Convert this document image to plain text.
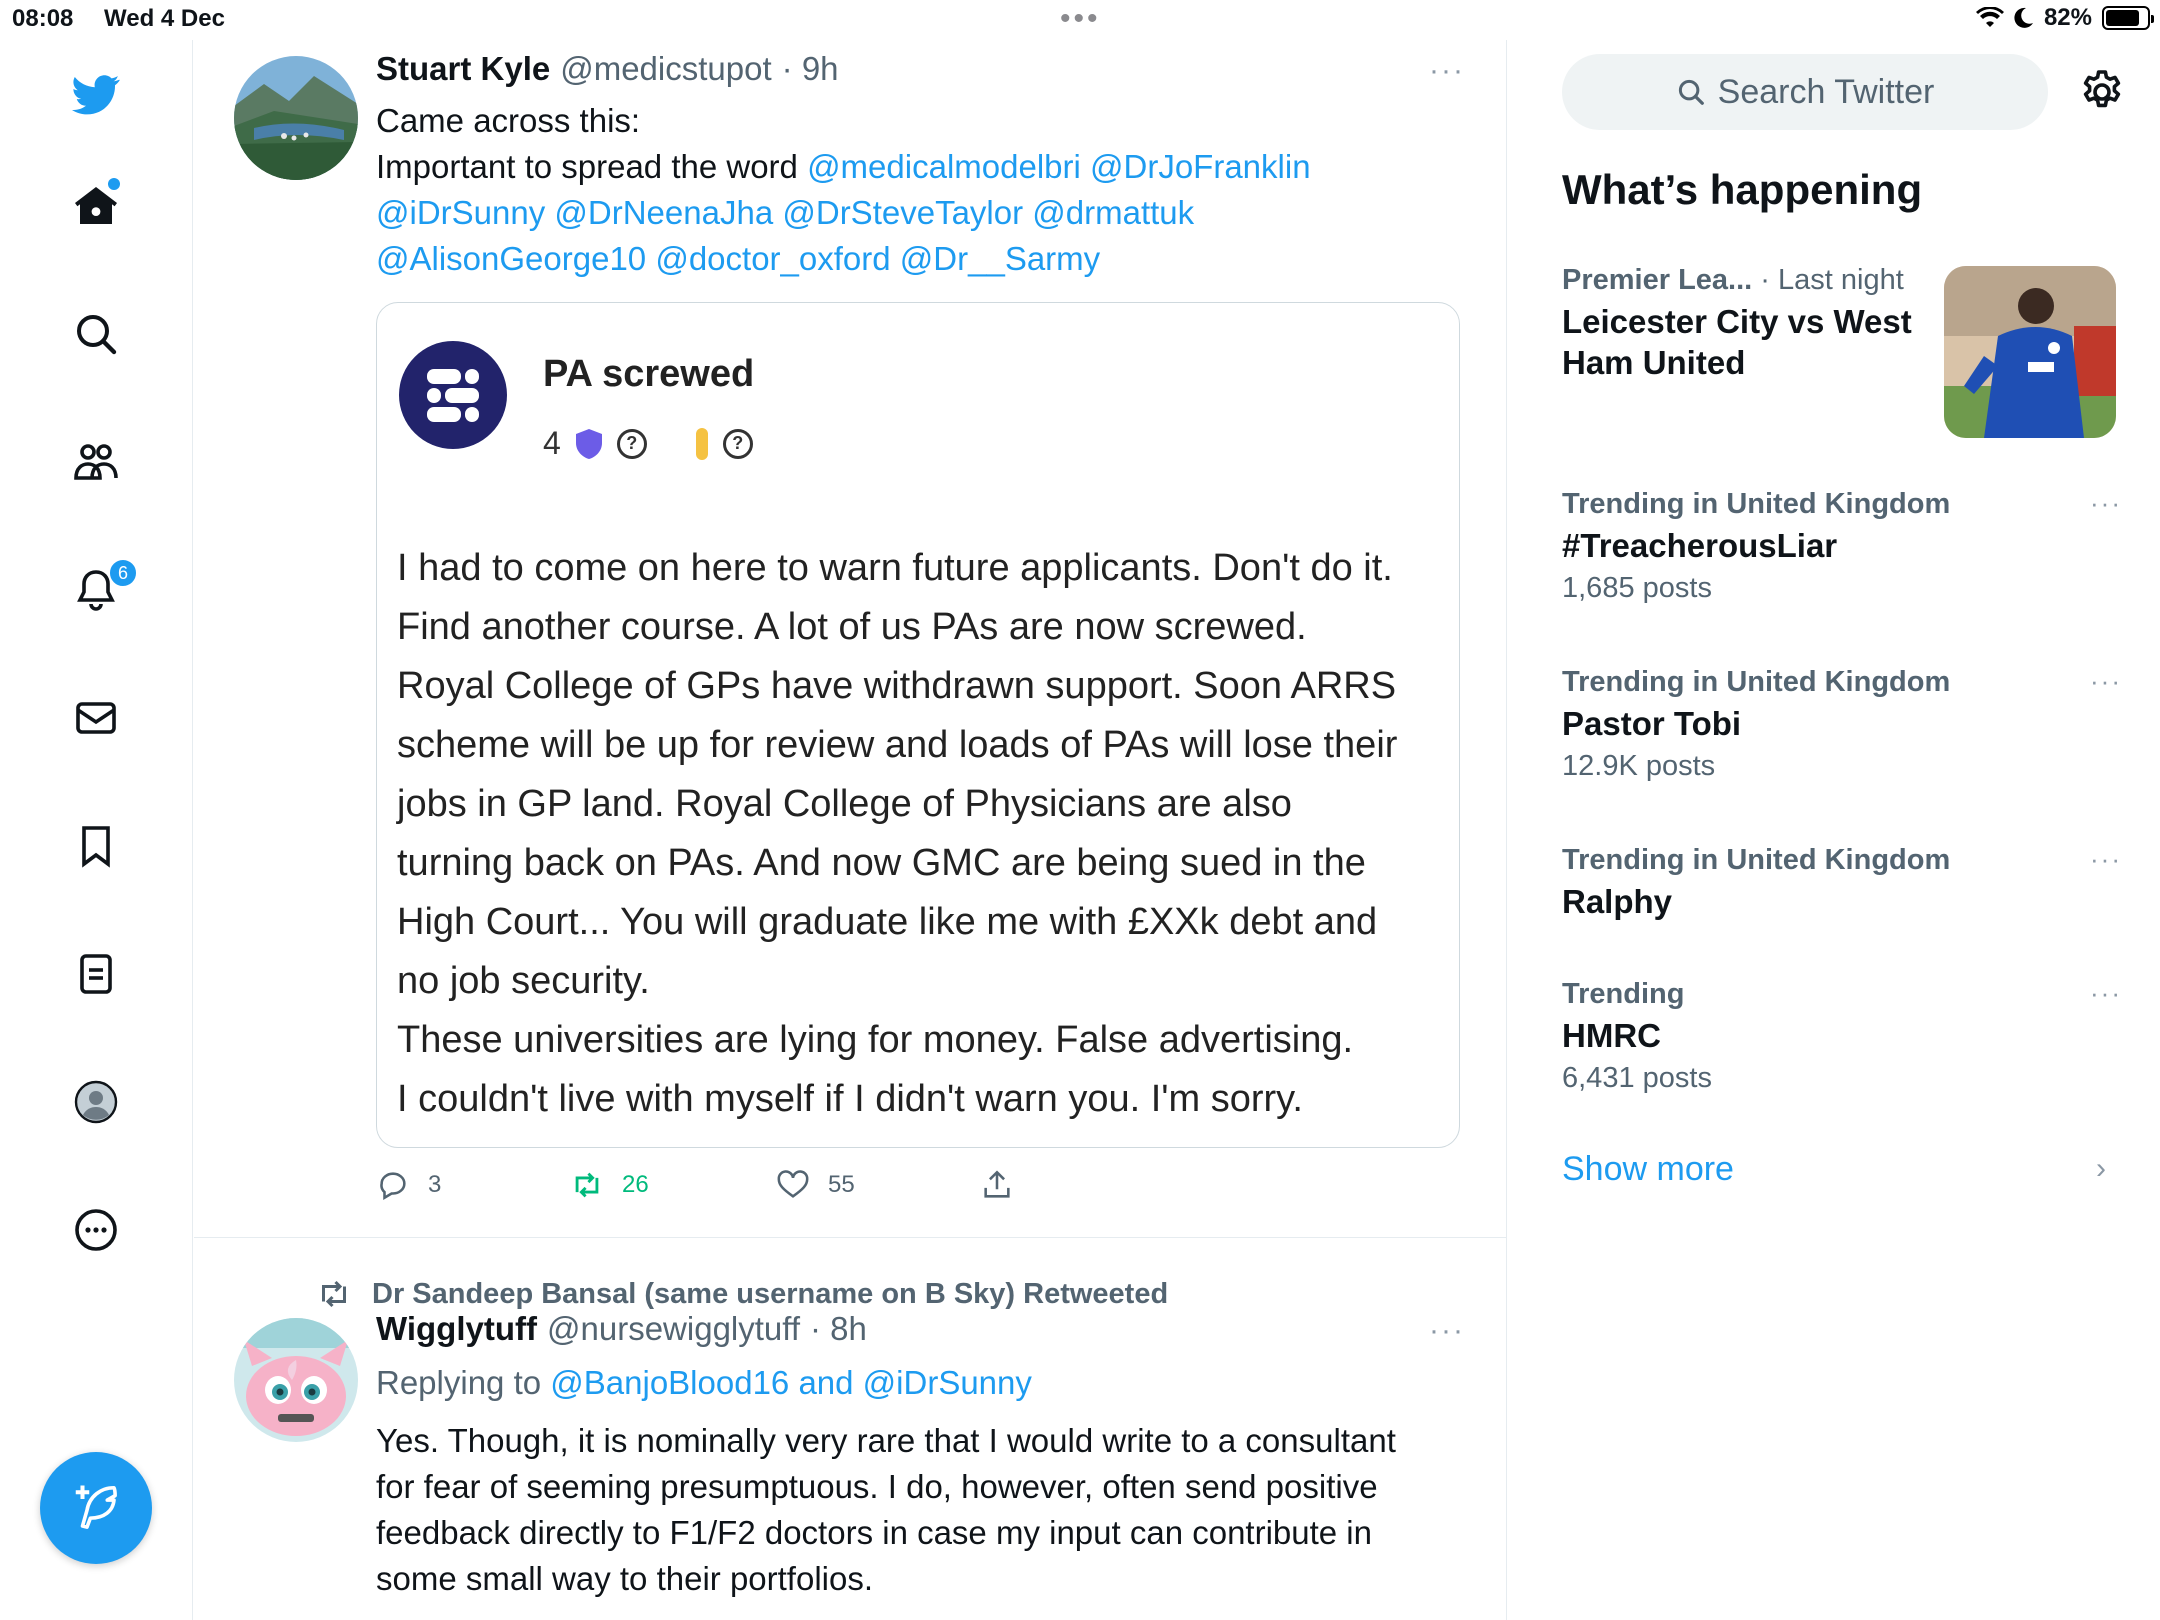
08:08 Wed 4 Dec	•••	82%
6
Stuart Kyle @medicstupot · 9h	···
Came across this:
Important to spread the word @medicalmodelbri @DrJoFranklin
@iDrSunny @DrNeenaJha @DrSteveTaylor @drmattuk
@AlisonGeorge10 @doctor_oxford @Dr__Sarmy
PA screwed
4	?	?
I had to come on here to warn future applicants. Don't do it.
Find another course. A lot of us PAs are now screwed.
Royal College of GPs have withdrawn support. Soon ARRS
scheme will be up for review and loads of PAs will lose their
jobs in GP land. Royal College of Physicians are also
turning back on PAs. And now GMC are being sued in the
High Court... You will graduate like me with £XXk debt and
no job security.
These universities are lying for money. False advertising.
I couldn't live with myself if I didn't warn you. I'm sorry.
3	26	55
Dr Sandeep Bansal (same username on B Sky) Retweeted
Wigglytuff @nursewigglytuff · 8h	···
Replying to @BanjoBlood16 and @iDrSunny
Yes. Though, it is nominally very rare that I would write to a consultant
for fear of seeming presumptuous. I do, however, often send positive
feedback directly to F1/F2 doctors in case my input can contribute in
some small way to their portfolios.
Search Twitter
What’s happening
Premier Lea... · Last night
Leicester City vs West
Ham United
Trending in United Kingdom
#TreacherousLiar
1,685 posts
···
Trending in United Kingdom
Pastor Tobi
12.9K posts
···
Trending in United Kingdom
Ralphy
···
Trending
HMRC
6,431 posts
···
Show more	›
